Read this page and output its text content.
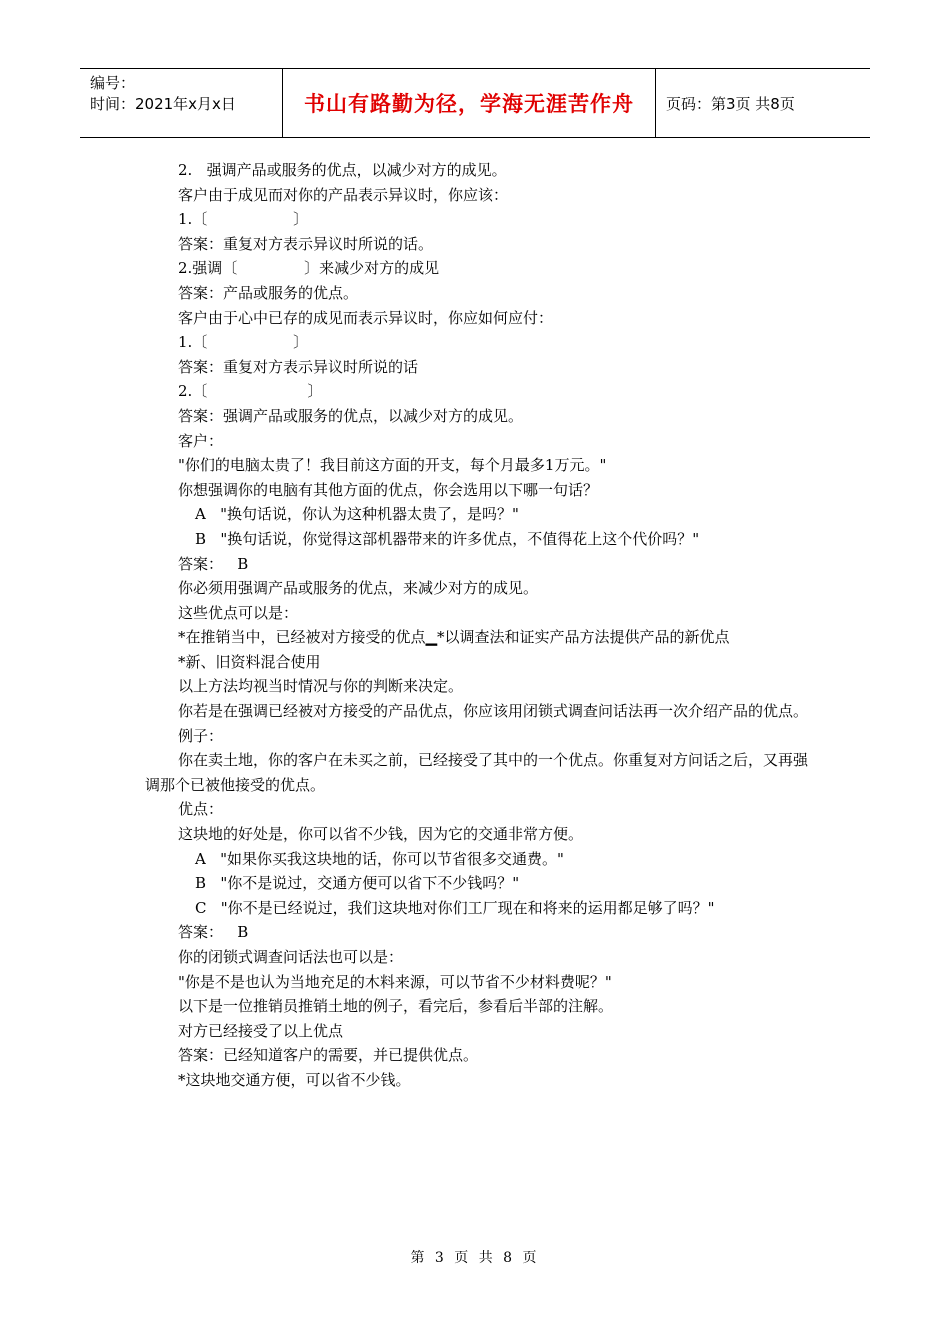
编号：
时间：2021年x月x日	书山有路勤为径，学海无涯苦作舟	页码：第3页 共8页

2.   强调产品或服务的优点，以减少对方的成见。

客户由于成见而对你的产品表示异议时，你应该：

1.〔                  〕

答案：重复对方表示异议时所说的话。

2.强调〔              〕来减少对方的成见

答案：产品或服务的优点。

客户由于心中已存的成见而表示异议时，你应如何应付：

1.〔                  〕

答案：重复对方表示异议时所说的话

2.〔                     〕

答案：强调产品或服务的优点，以减少对方的成见。

客户：

"你们的电脑太贵了！我目前这方面的开支，每个月最多1万元。"

你想强调你的电脑有其他方面的优点，你会选用以下哪一句话？

A   "换句话说，你认为这种机器太贵了，是吗？"

B   "换句话说，你觉得这部机器带来的许多优点，不值得花上这个代价吗？"

答案：   B

你必须用强调产品或服务的优点，来减少对方的成见。

这些优点可以是：

*在推销当中，已经被对方接受的优点▁*以调查法和证实产品方法提供产品的新优点

*新、旧资料混合使用

以上方法均视当时情况与你的判断来决定。

你若是在强调已经被对方接受的产品优点，你应该用闭锁式调查问话法再一次介绍产品的优点。

例子：

你在卖土地，你的客户在未买之前，已经接受了其中的一个优点。你重复对方问话之后，又再强调那个已被他接受的优点。

优点：

这块地的好处是，你可以省不少钱，因为它的交通非常方便。

A   "如果你买我这块地的话，你可以节省很多交通费。"

B   "你不是说过，交通方便可以省下不少钱吗？"

C   "你不是已经说过，我们这块地对你们工厂现在和将来的运用都足够了吗？"

答案：   B

你的闭锁式调查问话法也可以是：

"你是不是也认为当地充足的木料来源，可以节省不少材料费呢？"

以下是一位推销员推销土地的例子，看完后，参看后半部的注解。

对方已经接受了以上优点

答案：已经知道客户的需要，并已提供优点。

*这块地交通方便，可以省不少钱。

第 3 页 共 8 页
